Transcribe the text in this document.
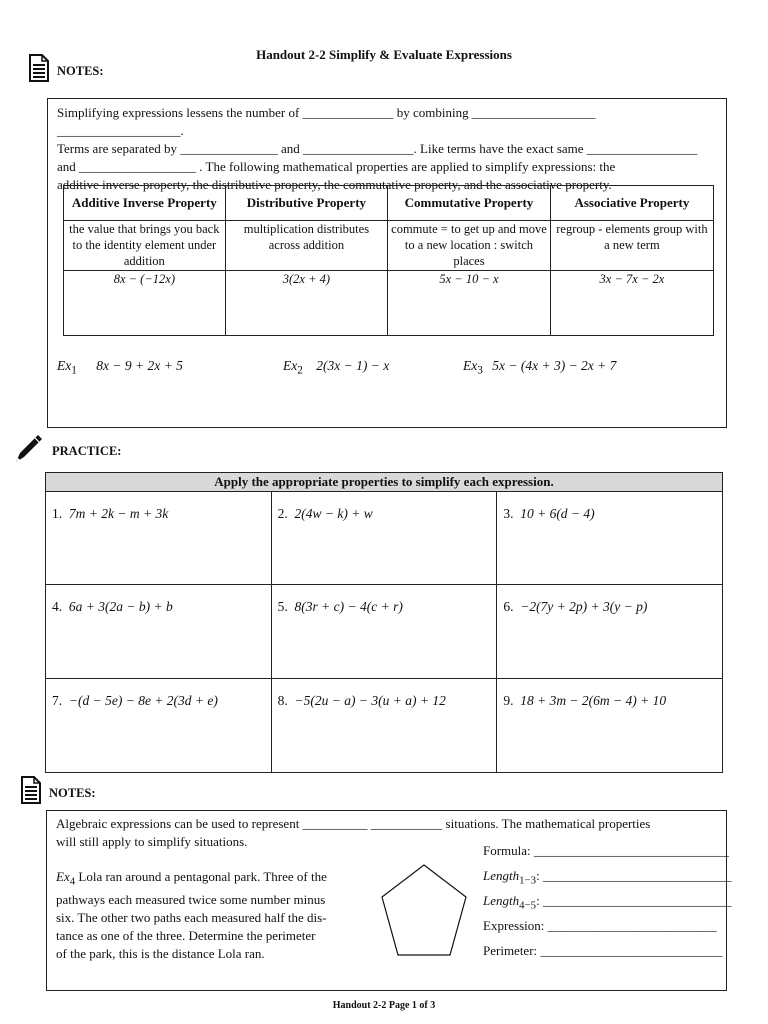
Handout 2-2 Simplify & Evaluate Expressions
NOTES:
Simplifying expressions lessens the number of ______________ by combining ___________________ ___________________.
Terms are separated by _______________ and _________________. Like terms have the exact same _________________
and __________________ . The following mathematical properties are applied to simplify expressions: the
additive inverse property, the distributive property, the commutative property, and the associative property.
Additive Inverse Property	Distributive Property	Commutative Property	Associative Property
the value that brings you back to the identity element under addition	multiplication distributes across addition	commute = to get up and move to a new location : switch places	regroup - elements group with a new term
8x − (−12x)	3(2x + 4)	5x − 10 − x	3x − 7x − 2x
$Ex_1$ 8x − 9 + 2x + 5	$Ex_2$ 2(3x − 1) − x	$Ex_3$ 5x − (4x + 3) − 2x + 7
PRACTICE:
Apply the appropriate properties to simplify each expression.		
1. 7m + 2k − m + 3k	2. 2(4w − k) + w	3. 10 + 6(d − 4)
4. 6a + 3(2a − b) + b	5. 8(3r + c) − 4(c + r)	6. −2(7y + 2p) + 3(y − p)
7. −(d − 5e) − 8e + 2(3d + e)	8. −5(2u − a) − 3(u + a) + 12	9. 18 + 3m − 2(6m − 4) + 10
NOTES:
Algebraic expressions can be used to represent __________ ___________ situations. The mathematical properties
will still apply to simplify situations.
$Ex_4$ Lola ran around a pentagonal park. Three of the
pathways each measured twice some number minus
six. The other two paths each measured half the dis-
tance as one of the three. Determine the perimeter
of the park, this is the distance Lola ran.
Formula: ______________________________
Length$_{1-3}$: _____________________________
Length$_{4-5}$: _____________________________
Expression: __________________________
Perimeter: ____________________________
Handout 2-2 Page 1 of 3
